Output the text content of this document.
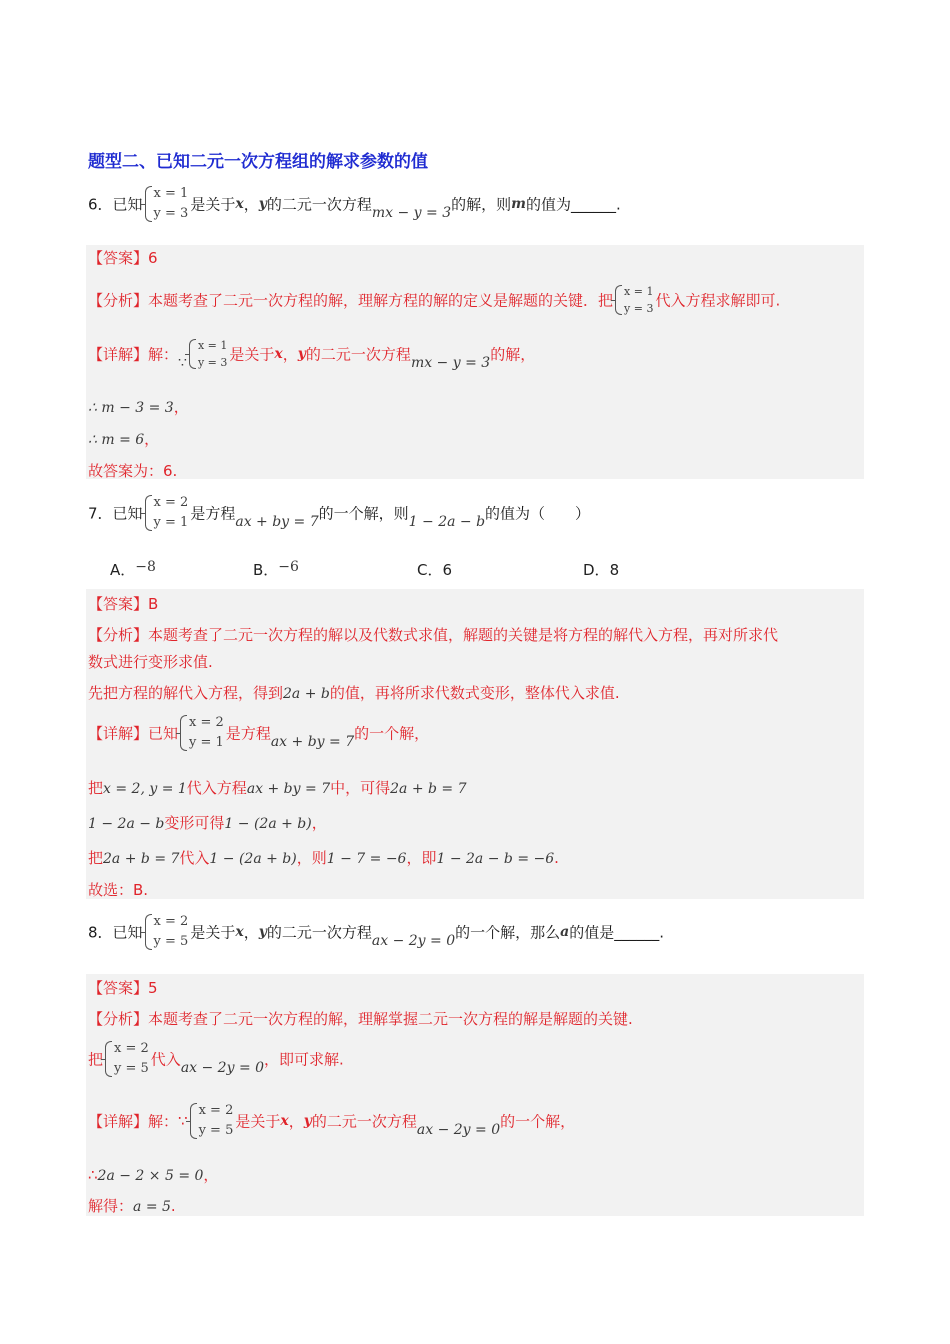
题型二、已知二元一次方程组的解求参数的值
6．已知
x = 1
y = 3 是关于x，y的二元一次方程mx − y = 3的解，则m的值为______.
【答案】6
【分析】本题考查了二元一次方程的解，理解方程的解的定义是解题的关键．把 x = 1
y = 3 代入方程求解即可.
【详解】解：∵
x = 1
y = 3 是关于x，y的二元一次方程mx − y = 3的解，
∴ m − 3 = 3，
∴ m = 6，
故答案为：6.
7．已知
x = 2
y = 1 是方程ax + by = 7的一个解，则1 − 2a − b的值为（　　）
A．−8	B．−6	C．6	D．8
【答案】B
【分析】本题考查了二元一次方程的解以及代数式求值，解题的关键是将方程的解代入方程，再对所求代
数式进行变形求值.
先把方程的解代入方程，得到2a + b的值，再将所求代数式变形，整体代入求值.
【详解】已知
x = 2
y = 1 是方程ax + by = 7的一个解，
把x = 2, y = 1代入方程ax + by = 7中，可得2a + b = 7
1 − 2a − b变形可得1 − (2a + b)，
把2a + b = 7代入1 − (2a + b)，则1 − 7 = −6，即1 − 2a − b = −6.
故选：B.
8．已知
x = 2
y = 5 是关于x，y的二元一次方程ax − 2y = 0的一个解，那么a的值是______.
【答案】5
【分析】本题考查了二元一次方程的解，理解掌握二元一次方程的解是解题的关键.
把
x = 2
y = 5 代入ax − 2y = 0，即可求解.
【详解】解：∵
x = 2
y = 5 是关于x，y的二元一次方程ax − 2y = 0的一个解，
∴2a − 2 × 5 = 0，
解得：a = 5.
